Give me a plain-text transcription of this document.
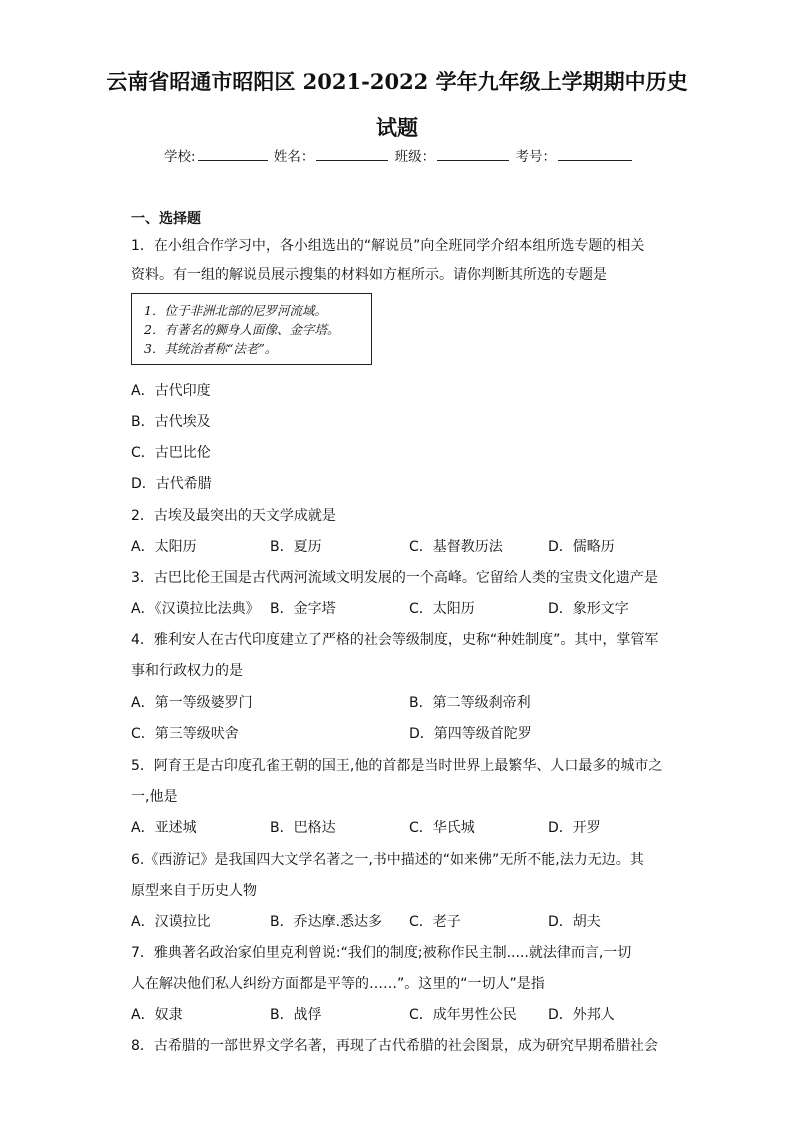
云南省昭通市昭阳区 2021-2022 学年九年级上学期期中历史
试题
学校:	姓名：	班级：	考号：
一、选择题
1．在小组合作学习中，各小组选出的“解说员”向全班同学介绍本组所选专题的相关
资料。有一组的解说员展示搜集的材料如方框所示。请你判断其所选的专题是
1．位于非洲北部的尼罗河流域。
2．有著名的狮身人面像、金字塔。
3．其统治者称“法老”。
A．古代印度
B．古代埃及
C．古巴比伦
D．古代希腊
2．古埃及最突出的天文学成就是
A．太阳历	B．夏历	C．基督教历法	D．儒略历
3．古巴比伦王国是古代两河流域文明发展的一个高峰。它留给人类的宝贵文化遗产是
A．《汉谟拉比法典》 B．金字塔	C．太阳历	D．象形文字
4．雅利安人在古代印度建立了严格的社会等级制度，史称“种姓制度”。其中，掌管军
事和行政权力的是
A．第一等级婆罗门	B．第二等级刹帝利
C．第三等级吠舍	D．第四等级首陀罗
5．阿育王是古印度孔雀王朝的国王,他的首都是当时世界上最繁华、人口最多的城市之
一,他是
A．亚述城	B．巴格达	C．华氏城	D．开罗
6.《西游记》是我国四大文学名著之一,书中描述的“如来佛”无所不能,法力无边。其
原型来自于历史人物
A．汉谟拉比	B．乔达摩.悉达多 C．老子	D．胡夫
7．雅典著名政治家伯里克利曾说:“我们的制度;被称作民主制.....就法律而言,一切
人在解决他们私人纠纷方面都是平等的……”。这里的“一切人”是指
A．奴隶	B．战俘	C．成年男性公民 D．外邦人
8．古希腊的一部世界文学名著，再现了古代希腊的社会图景，成为研究早期希腊社会
